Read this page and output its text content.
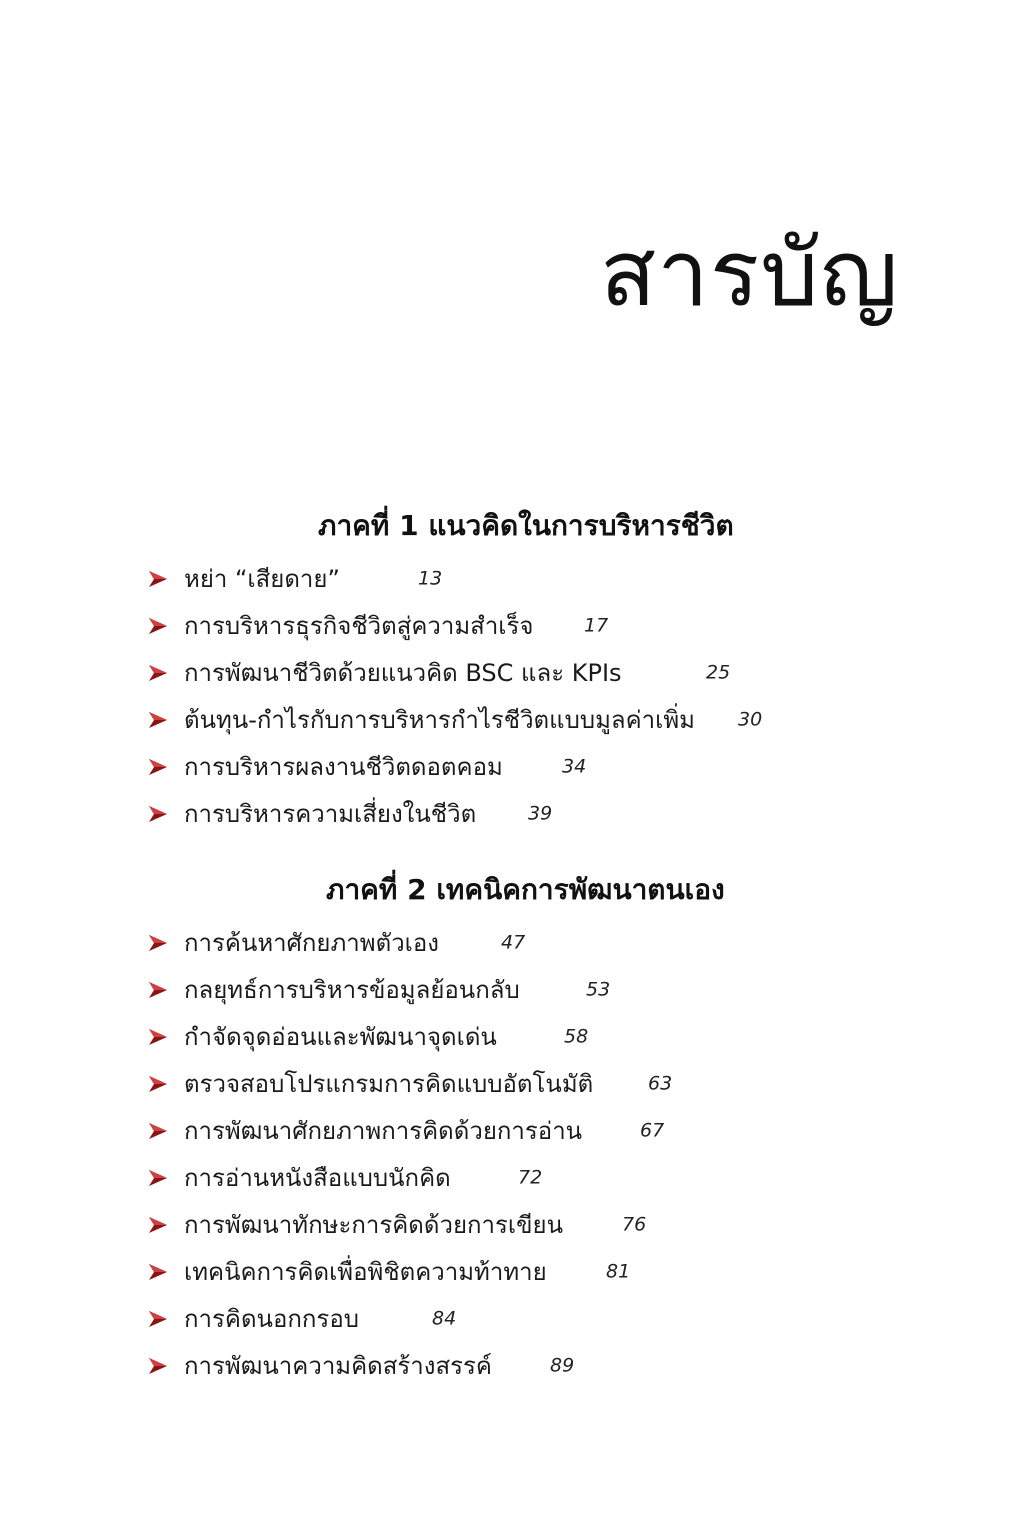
สารบัญ
ภาคที่ 1 แนวคิดในการบริหารชีวิต
หย่า “เสียดาย”	13
การบริหารธุรกิจชีวิตสู่ความสำเร็จ	17
การพัฒนาชีวิตด้วยแนวคิด BSC และ KPIs	25
ต้นทุน-กำไรกับการบริหารกำไรชีวิตแบบมูลค่าเพิ่ม 30
การบริหารผลงานชีวิตดอตคอม	34
การบริหารความเสี่ยงในชีวิต	39
ภาคที่ 2 เทคนิคการพัฒนาตนเอง
การค้นหาศักยภาพตัวเอง	47
กลยุทธ์การบริหารข้อมูลย้อนกลับ	53
กำจัดจุดอ่อนและพัฒนาจุดเด่น	58
ตรวจสอบโปรแกรมการคิดแบบอัตโนมัติ	63
การพัฒนาศักยภาพการคิดด้วยการอ่าน	67
การอ่านหนังสือแบบนักคิด	72
การพัฒนาทักษะการคิดด้วยการเขียน	76
เทคนิคการคิดเพื่อพิชิตความท้าทาย	81
การคิดนอกกรอบ	84
การพัฒนาความคิดสร้างสรรค์	89
